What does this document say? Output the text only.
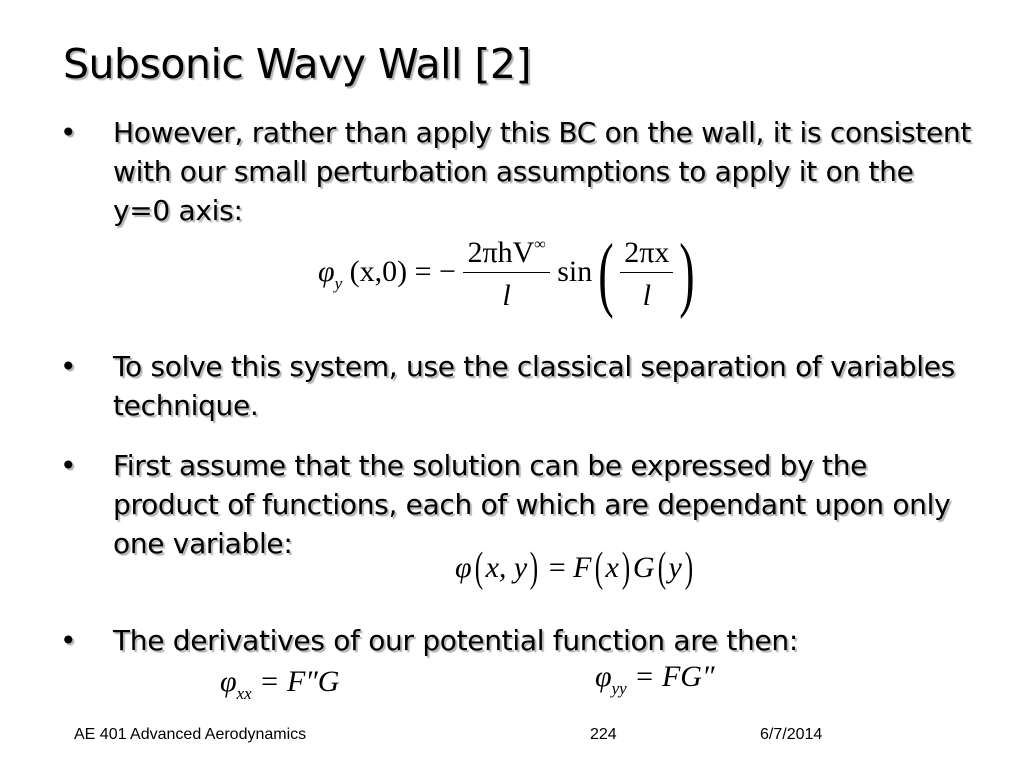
Subsonic Wavy Wall [2]
• However, rather than apply this BC on the wall, it is consistent with our small perturbation assumptions to apply it on the y=0 axis:
$\varphi_y$ (x,0) = − $\frac{2\pi hV^\infty}{l} \sin( \frac{2\pi x}{l}$ )
• To solve this system, use the classical separation of variables technique.
• First assume that the solution can be expressed by the product of functions, each of which are dependant upon only one variable:
φ(x, y) = F(x)G(y)
• The derivatives of our potential function are then:
$\varphi_{xx} = F''G$	$\varphi_{yy} = FG''$
AE 401 Advanced Aerodynamics	224	6/7/2014
